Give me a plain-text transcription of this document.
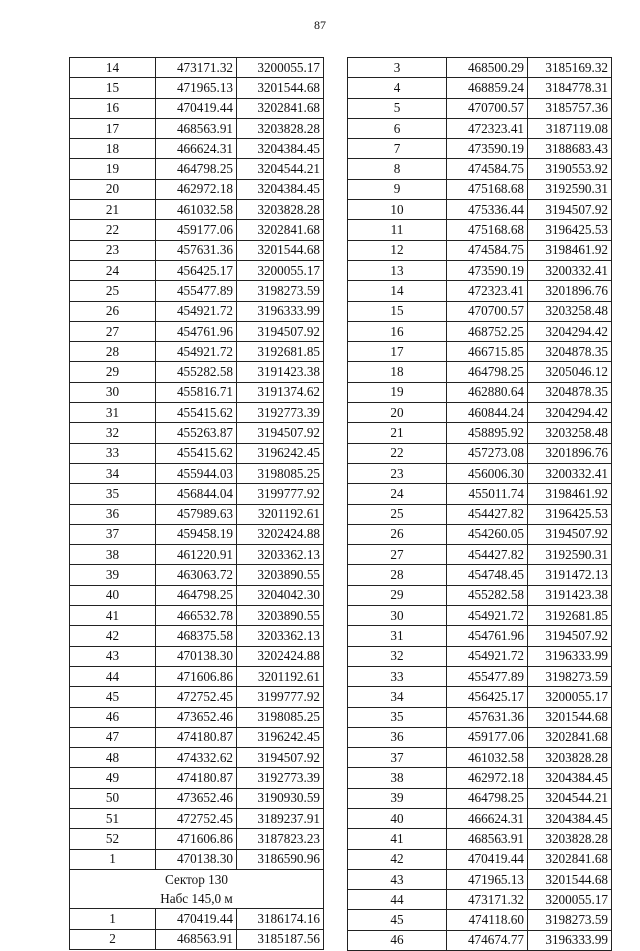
87
14	473171.32	3200055.17
15	471965.13	3201544.68
16	470419.44	3202841.68
17	468563.91	3203828.28
18	466624.31	3204384.45
19	464798.25	3204544.21
20	462972.18	3204384.45
21	461032.58	3203828.28
22	459177.06	3202841.68
23	457631.36	3201544.68
24	456425.17	3200055.17
25	455477.89	3198273.59
26	454921.72	3196333.99
27	454761.96	3194507.92
28	454921.72	3192681.85
29	455282.58	3191423.38
30	455816.71	3191374.62
31	455415.62	3192773.39
32	455263.87	3194507.92
33	455415.62	3196242.45
34	455944.03	3198085.25
35	456844.04	3199777.92
36	457989.63	3201192.61
37	459458.19	3202424.88
38	461220.91	3203362.13
39	463063.72	3203890.55
40	464798.25	3204042.30
41	466532.78	3203890.55
42	468375.58	3203362.13
43	470138.30	3202424.88
44	471606.86	3201192.61
45	472752.45	3199777.92
46	473652.46	3198085.25
47	474180.87	3196242.45
48	474332.62	3194507.92
49	474180.87	3192773.39
50	473652.46	3190930.59
51	472752.45	3189237.91
52	471606.86	3187823.23
1	470138.30	3186590.96
Сектор 130		
Набс 145,0 м		
1	470419.44	3186174.16
2	468563.91	3185187.56
3	468500.29	3185169.32
4	468859.24	3184778.31
5	470700.57	3185757.36
6	472323.41	3187119.08
7	473590.19	3188683.43
8	474584.75	3190553.92
9	475168.68	3192590.31
10	475336.44	3194507.92
11	475168.68	3196425.53
12	474584.75	3198461.92
13	473590.19	3200332.41
14	472323.41	3201896.76
15	470700.57	3203258.48
16	468752.25	3204294.42
17	466715.85	3204878.35
18	464798.25	3205046.12
19	462880.64	3204878.35
20	460844.24	3204294.42
21	458895.92	3203258.48
22	457273.08	3201896.76
23	456006.30	3200332.41
24	455011.74	3198461.92
25	454427.82	3196425.53
26	454260.05	3194507.92
27	454427.82	3192590.31
28	454748.45	3191472.13
29	455282.58	3191423.38
30	454921.72	3192681.85
31	454761.96	3194507.92
32	454921.72	3196333.99
33	455477.89	3198273.59
34	456425.17	3200055.17
35	457631.36	3201544.68
36	459177.06	3202841.68
37	461032.58	3203828.28
38	462972.18	3204384.45
39	464798.25	3204544.21
40	466624.31	3204384.45
41	468563.91	3203828.28
42	470419.44	3202841.68
43	471965.13	3201544.68
44	473171.32	3200055.17
45	474118.60	3198273.59
46	474674.77	3196333.99
